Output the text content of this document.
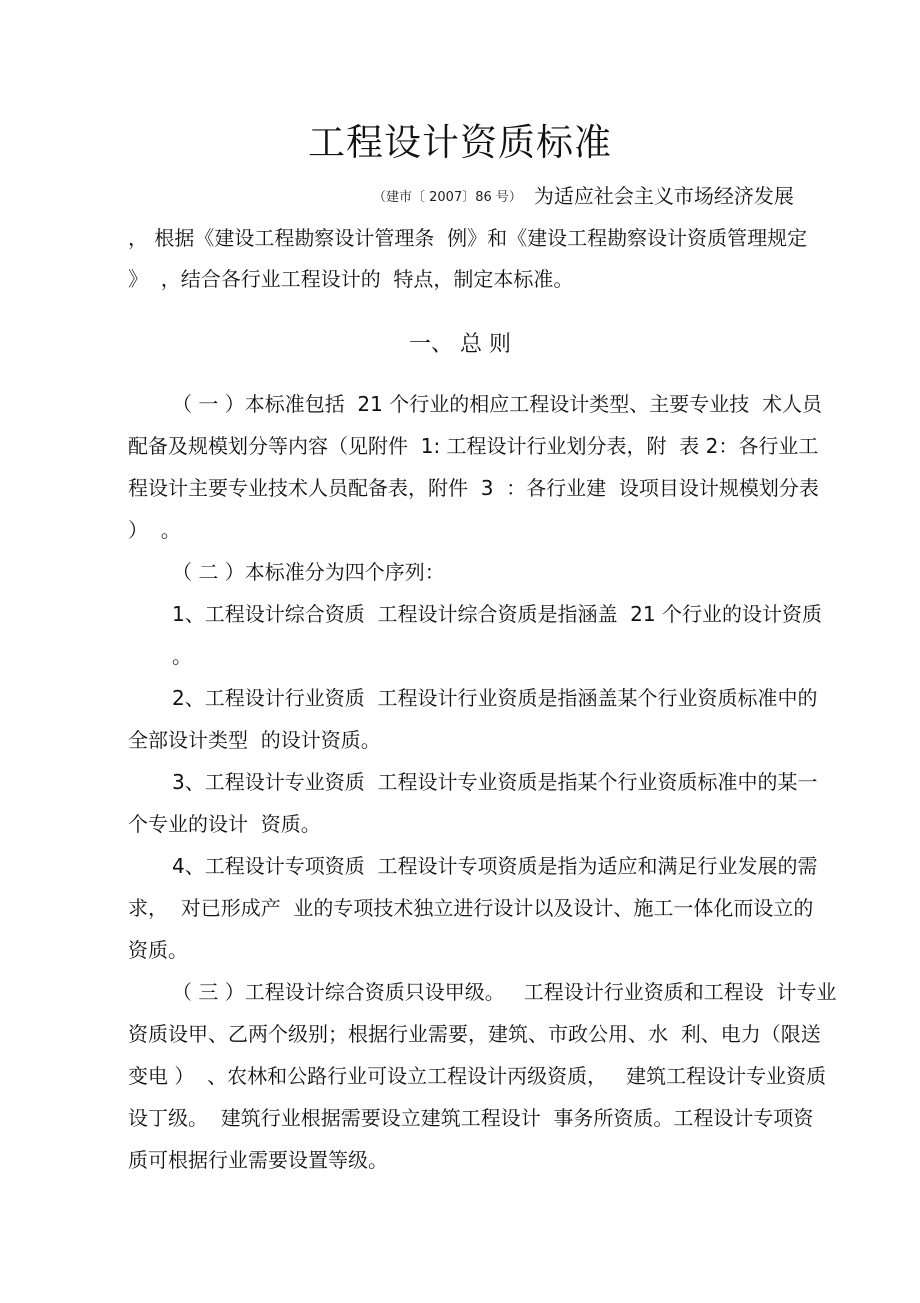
工程设计资质标准
（建市〔 2007〕86 号） 为适应社会主义市场经济发展
， 根据《建设工程勘察设计管理条  例》和《建设工程勘察设计资质管理规定
》  ，结合各行业工程设计的  特点，制定本标准。
一、 总 则
（ 一 ）本标准包括  21 个行业的相应工程设计类型、主要专业技  术人员
配备及规模划分等内容（见附件  1: 工程设计行业划分表，附  表 2：各行业工
程设计主要专业技术人员配备表，附件  3  ：各行业建  设项目设计规模划分表
）  。
（ 二 ）本标准分为四个序列：
1、工程设计综合资质  工程设计综合资质是指涵盖  21 个行业的设计资质
。
2、工程设计行业资质  工程设计行业资质是指涵盖某个行业资质标准中的
全部设计类型  的设计资质。
3、工程设计专业资质  工程设计专业资质是指某个行业资质标准中的某一
个专业的设计  资质。
4、工程设计专项资质  工程设计专项资质是指为适应和满足行业发展的需
求，  对已形成产  业的专项技术独立进行设计以及设计、施工一体化而设立的
资质。
（ 三 ）工程设计综合资质只设甲级。   工程设计行业资质和工程设  计专业
资质设甲、乙两个级别；根据行业需要，建筑、市政公用、水  利、电力（限送
变电 ）  、农林和公路行业可设立工程设计丙级资质，   建筑工程设计专业资质
设丁级。  建筑行业根据需要设立建筑工程设计  事务所资质。工程设计专项资
质可根据行业需要设置等级。
